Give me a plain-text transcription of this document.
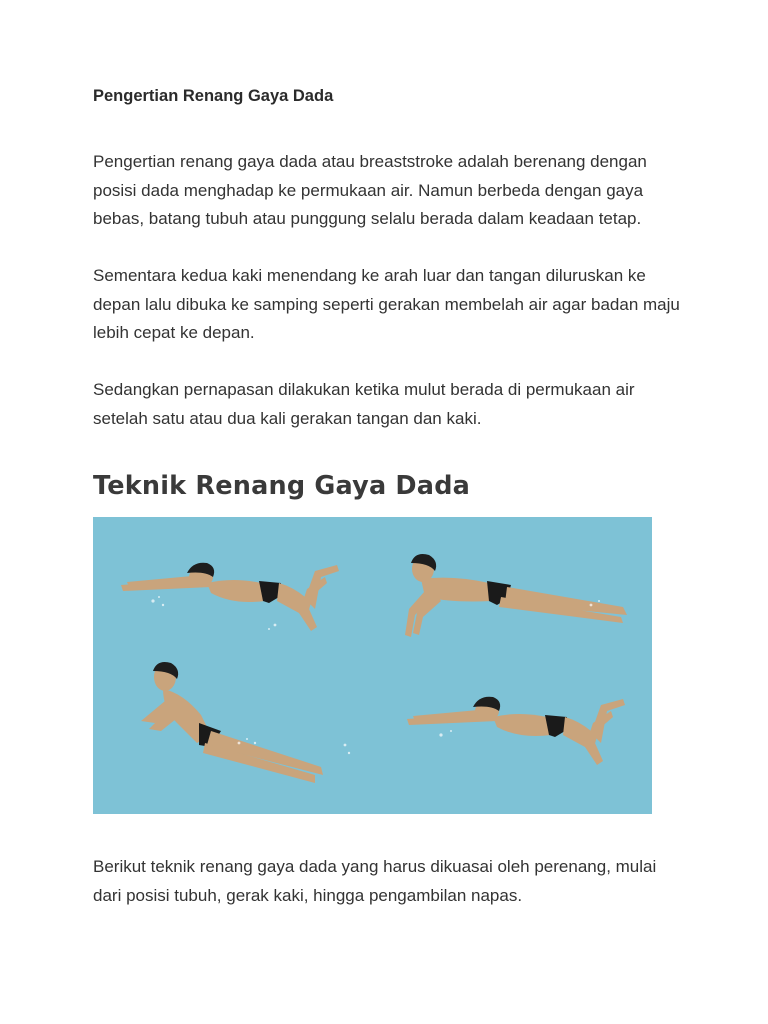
Pengertian Renang Gaya Dada

Pengertian renang gaya dada atau breaststroke adalah berenang dengan posisi dada menghadap ke permukaan air. Namun berbeda dengan gaya bebas, batang tubuh atau punggung selalu berada dalam keadaan tetap.

Sementara kedua kaki menendang ke arah luar dan tangan diluruskan ke depan lalu dibuka ke samping seperti gerakan membelah air agar badan maju lebih cepat ke depan.

Sedangkan pernapasan dilakukan ketika mulut berada di permukaan air setelah satu atau dua kali gerakan tangan dan kaki.

Teknik Renang Gaya Dada

Berikut teknik renang gaya dada yang harus dikuasai oleh perenang, mulai dari posisi tubuh, gerak kaki, hingga pengambilan napas.
